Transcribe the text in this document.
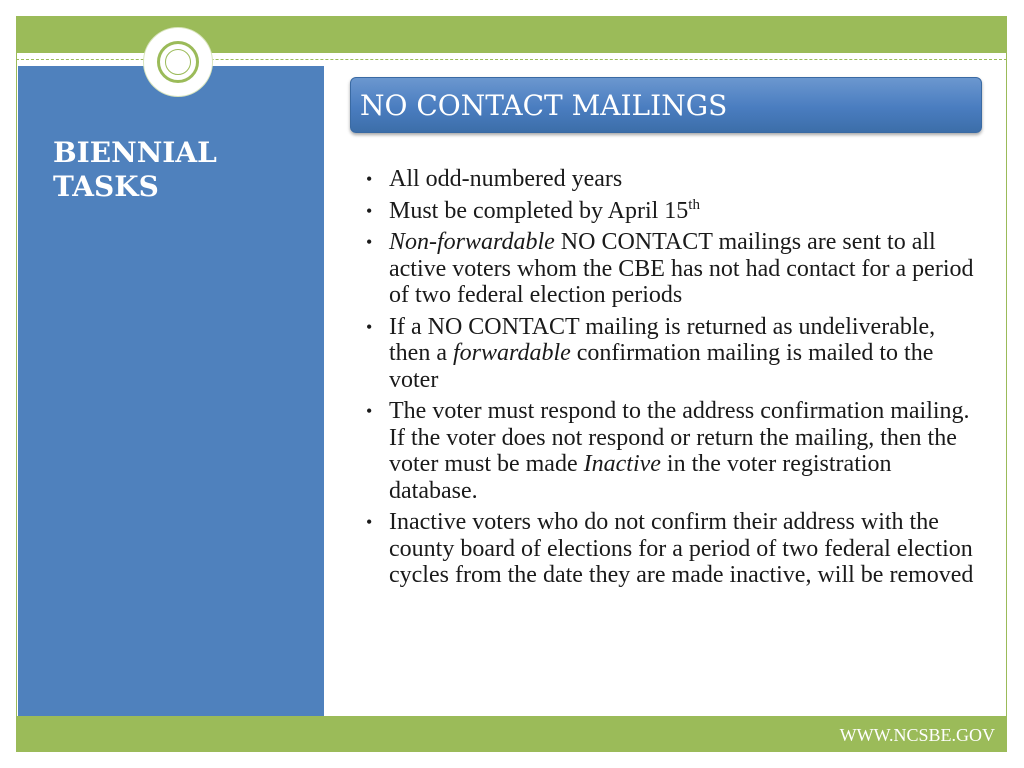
BIENNIAL
TASKS
NO CONTACT MAILINGS
• All odd-numbered years
• Must be completed by April 15th
• Non-forwardable NO CONTACT mailings are sent to all active voters whom the CBE has not had contact for a period of two federal election periods
• If a NO CONTACT mailing is returned as undeliverable, then a forwardable confirmation mailing is mailed to the voter
• The voter must respond to the address confirmation mailing. If the voter does not respond or return the mailing, then the voter must be made Inactive in the voter registration database.
• Inactive voters who do not confirm their address with the county board of elections for a period of two federal election cycles from the date they are made inactive, will be removed
WWW.NCSBE.GOV
